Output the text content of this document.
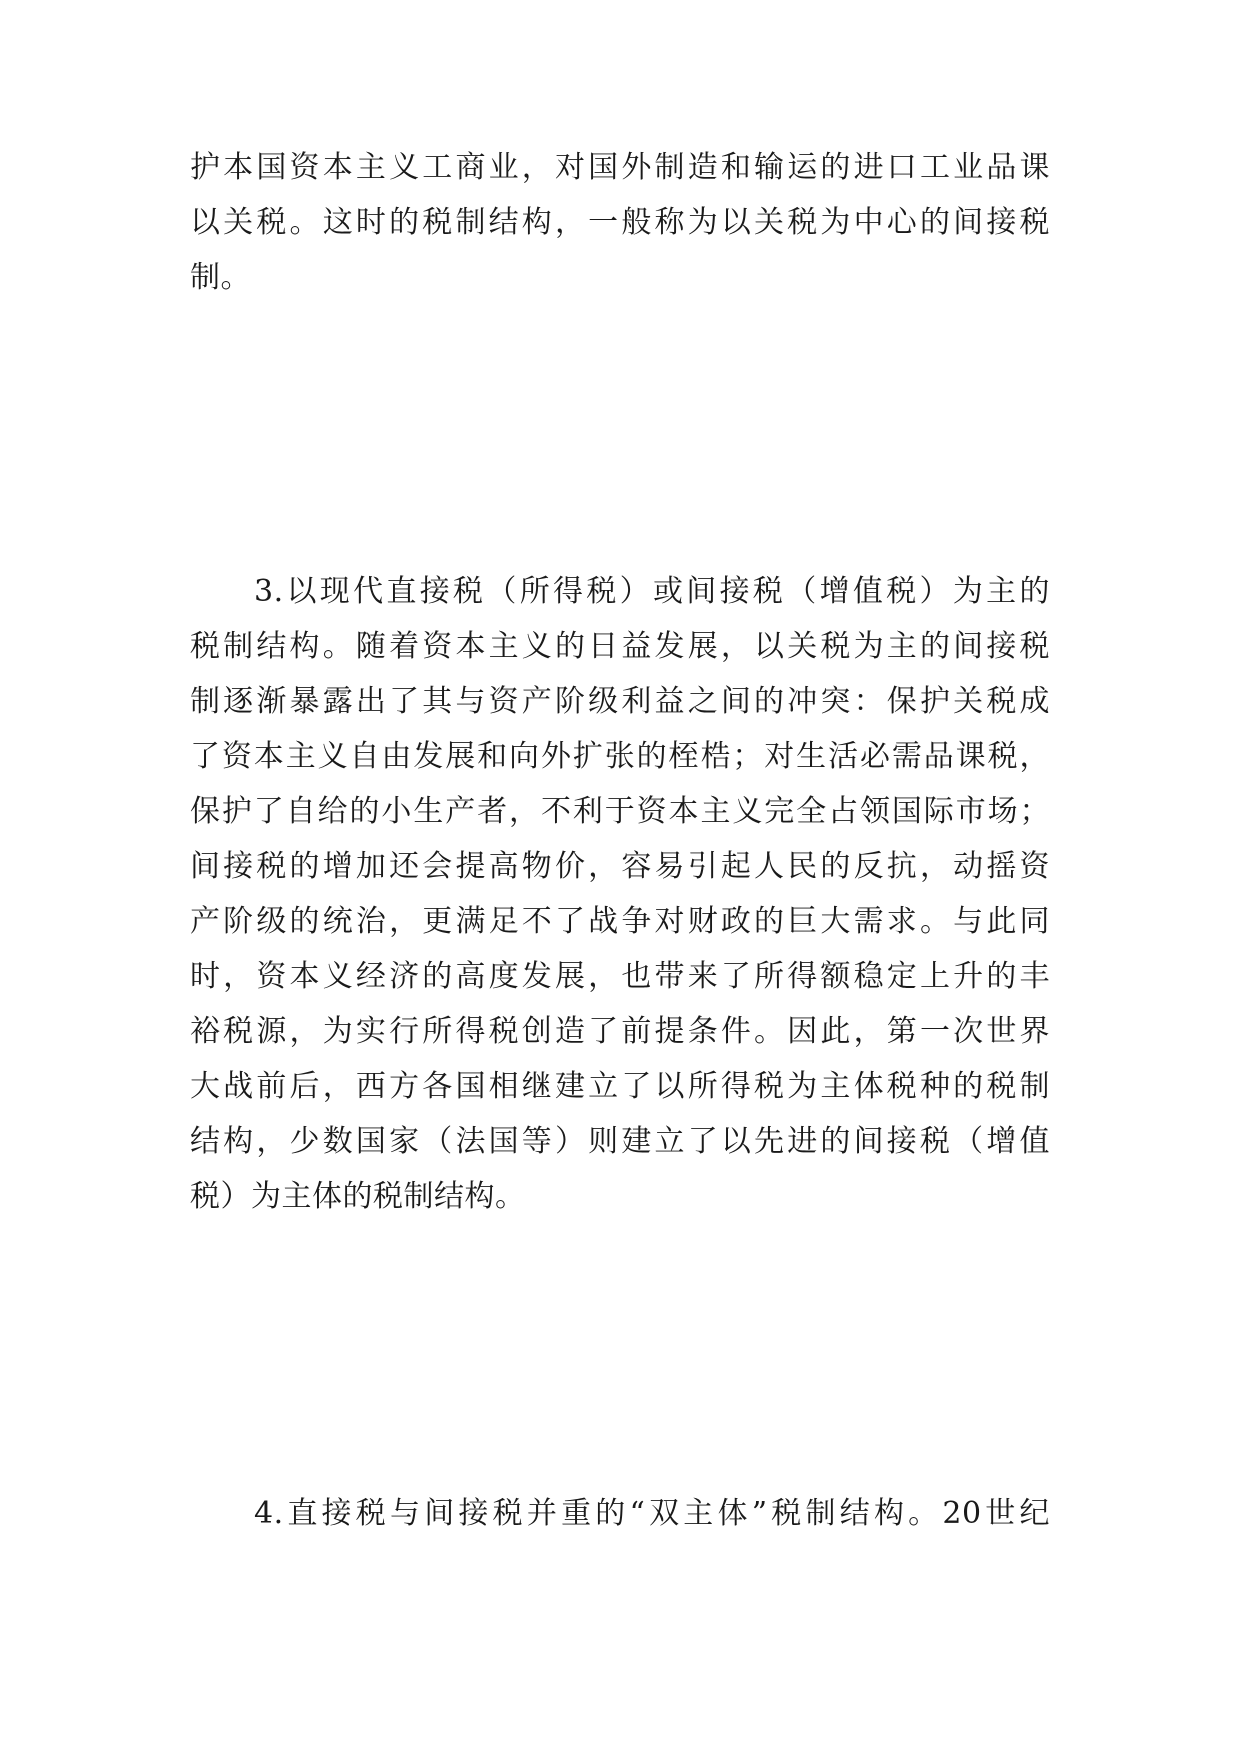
护本国资本主义工商业，对国外制造和输运的进口工业品课
以关税。这时的税制结构，一般称为以关税为中心的间接税
制。
3.以现代直接税（所得税）或间接税（增值税）为主的
税制结构。随着资本主义的日益发展，以关税为主的间接税
制逐渐暴露出了其与资产阶级利益之间的冲突：保护关税成
了资本主义自由发展和向外扩张的桎梏；对生活必需品课税，
保护了自给的小生产者，不利于资本主义完全占领国际市场；
间接税的增加还会提高物价，容易引起人民的反抗，动摇资
产阶级的统治，更满足不了战争对财政的巨大需求。与此同
时，资本义经济的高度发展，也带来了所得额稳定上升的丰
裕税源，为实行所得税创造了前提条件。因此，第一次世界
大战前后，西方各国相继建立了以所得税为主体税种的税制
结构，少数国家（法国等）则建立了以先进的间接税（增值
税）为主体的税制结构。
4.直接税与间接税并重的“双主体”税制结构。20世纪
